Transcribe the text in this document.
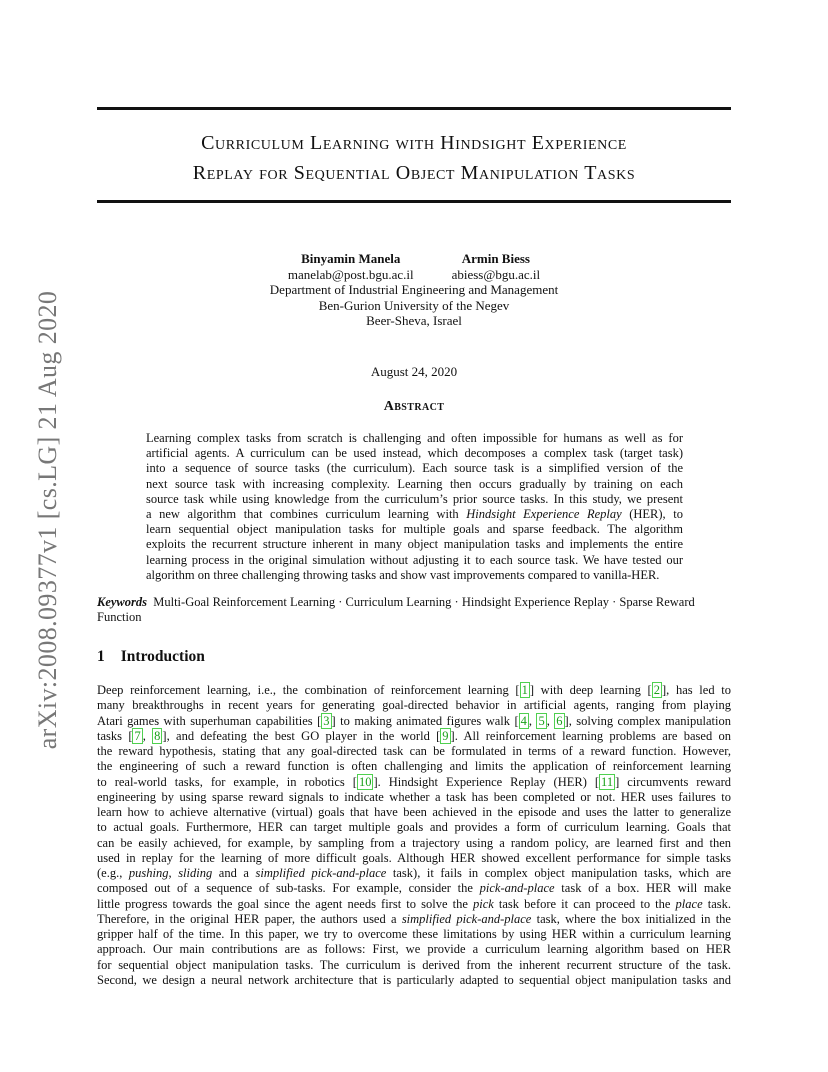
arXiv:2008.09377v1 [cs.LG] 21 Aug 2020
Curriculum Learning with Hindsight Experience
Replay for Sequential Object Manipulation Tasks
Binyamin Manela
manelab@post.bgu.ac.il
Armin Biess
abiess@bgu.ac.il
Department of Industrial Engineering and Management
Ben-Gurion University of the Negev
Beer-Sheva, Israel
August 24, 2020
Abstract
Learning complex tasks from scratch is challenging and often impossible for humans as well as for
artificial agents. A curriculum can be used instead, which decomposes a complex task (target task)
into a sequence of source tasks (the curriculum). Each source task is a simplified version of the
next source task with increasing complexity. Learning then occurs gradually by training on each
source task while using knowledge from the curriculum’s prior source tasks. In this study, we present
a new algorithm that combines curriculum learning with Hindsight Experience Replay (HER), to
learn sequential object manipulation tasks for multiple goals and sparse feedback. The algorithm
exploits the recurrent structure inherent in many object manipulation tasks and implements the entire
learning process in the original simulation without adjusting it to each source task. We have tested our
algorithm on three challenging throwing tasks and show vast improvements compared to vanilla-HER.
Keywords Multi-Goal Reinforcement Learning · Curriculum Learning · Hindsight Experience Replay · Sparse Reward
Function
1 Introduction
Deep reinforcement learning, i.e., the combination of reinforcement learning [ 1 ] with deep learning [ 2 ], has led to
many breakthroughs in recent years for generating goal-directed behavior in artificial agents, ranging from playing
Atari games with superhuman capabilities [ 3 ] to making animated figures walk [ 4 , 5 , 6 ], solving complex manipulation
tasks [ 7 , 8 ], and defeating the best GO player in the world [ 9 ]. All reinforcement learning problems are based on
the reward hypothesis, stating that any goal-directed task can be formulated in terms of a reward function. However,
the engineering of such a reward function is often challenging and limits the application of reinforcement learning
to real-world tasks, for example, in robotics [ 10 ]. Hindsight Experience Replay (HER) [ 11 ] circumvents reward
engineering by using sparse reward signals to indicate whether a task has been completed or not. HER uses failures to
learn how to achieve alternative (virtual) goals that have been achieved in the episode and uses the latter to generalize
to actual goals. Furthermore, HER can target multiple goals and provides a form of curriculum learning. Goals that
can be easily achieved, for example, by sampling from a trajectory using a random policy, are learned first and then
used in replay for the learning of more difficult goals. Although HER showed excellent performance for simple tasks
(e.g., pushing, sliding and a simplified pick-and-place task), it fails in complex object manipulation tasks, which are
composed out of a sequence of sub-tasks. For example, consider the pick-and-place task of a box. HER will make
little progress towards the goal since the agent needs first to solve the pick task before it can proceed to the place task.
Therefore, in the original HER paper, the authors used a simplified pick-and-place task, where the box initialized in the
gripper half of the time. In this paper, we try to overcome these limitations by using HER within a curriculum learning
approach. Our main contributions are as follows: First, we provide a curriculum learning algorithm based on HER
for sequential object manipulation tasks. The curriculum is derived from the inherent recurrent structure of the task.
Second, we design a neural network architecture that is particularly adapted to sequential object manipulation tasks and
